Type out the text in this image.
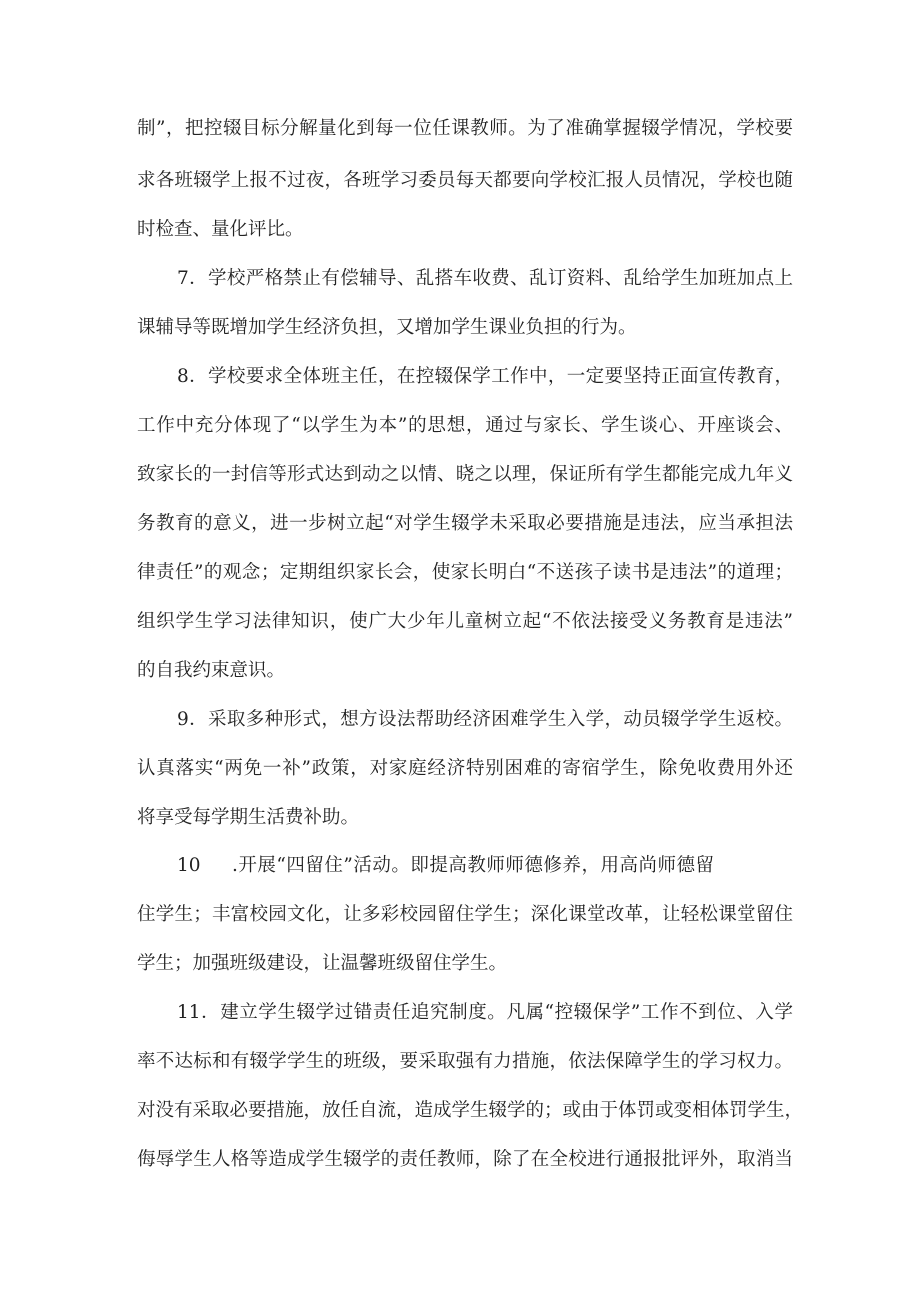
制”，把控辍目标分解量化到每一位任课教师。为了准确掌握辍学情况，学校要
求各班辍学上报不过夜，各班学习委员每天都要向学校汇报人员情况，学校也随
时检查、量化评比。
7．学校严格禁止有偿辅导、乱搭车收费、乱订资料、乱给学生加班加点上
课辅导等既增加学生经济负担，又增加学生课业负担的行为。
8．学校要求全体班主任，在控辍保学工作中，一定要坚持正面宣传教育，
工作中充分体现了“以学生为本”的思想，通过与家长、学生谈心、开座谈会、
致家长的一封信等形式达到动之以情、晓之以理，保证所有学生都能完成九年义
务教育的意义，进一步树立起“对学生辍学未采取必要措施是违法，应当承担法
律责任”的观念；定期组织家长会，使家长明白“不送孩子读书是违法”的道理；
组织学生学习法律知识，使广大少年儿童树立起“不依法接受义务教育是违法”
的自我约束意识。
9．采取多种形式，想方设法帮助经济困难学生入学，动员辍学学生返校。
认真落实“两免一补”政策，对家庭经济特别困难的寄宿学生，除免收费用外还
将享受每学期生活费补助。
10 .开展“四留住”活动。即提高教师师德修养，用高尚师德留
住学生；丰富校园文化，让多彩校园留住学生；深化课堂改革，让轻松课堂留住
学生；加强班级建设，让温馨班级留住学生。
11．建立学生辍学过错责任追究制度。凡属“控辍保学”工作不到位、入学
率不达标和有辍学学生的班级，要采取强有力措施，依法保障学生的学习权力。
对没有采取必要措施，放任自流，造成学生辍学的；或由于体罚或变相体罚学生，
侮辱学生人格等造成学生辍学的责任教师，除了在全校进行通报批评外，取消当
